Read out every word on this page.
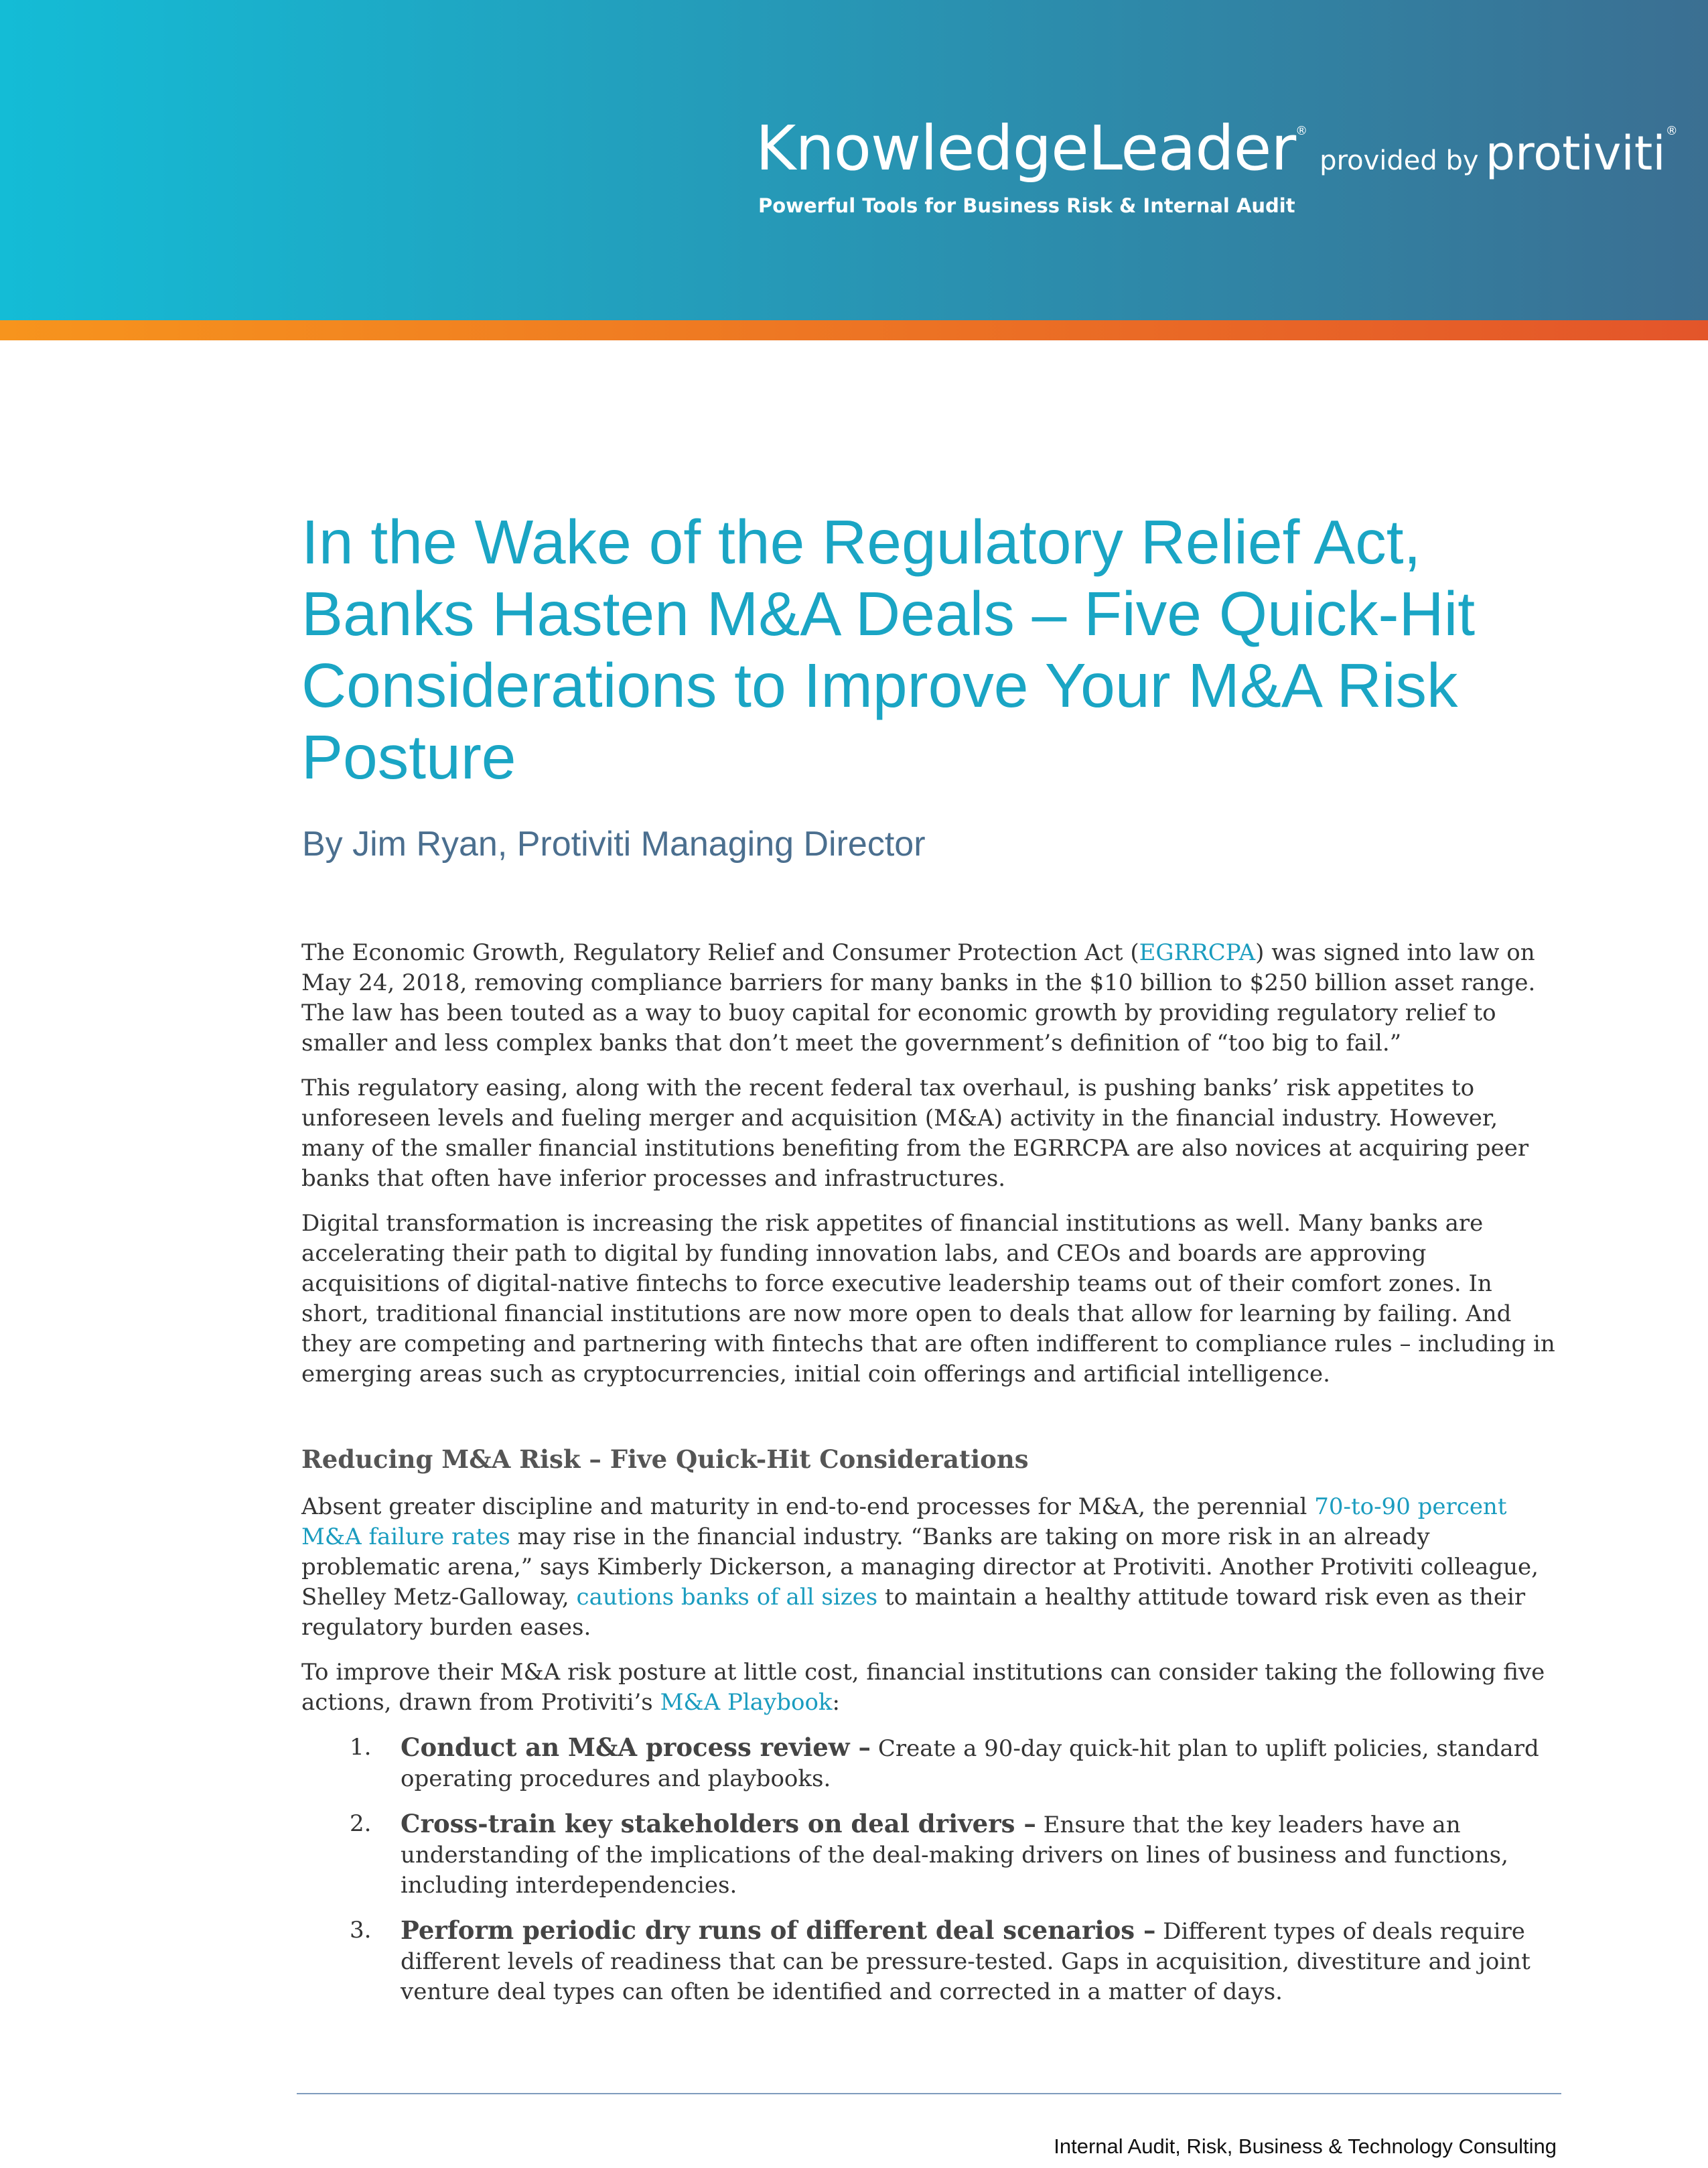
KnowledgeLeader®provided by protiviti®
Powerful Tools for Business Risk & Internal Audit
In the Wake of the Regulatory Relief Act, Banks Hasten M&A Deals – Five Quick-Hit Considerations to Improve Your M&A Risk Posture

By Jim Ryan, Protiviti Managing Director

The Economic Growth, Regulatory Relief and Consumer Protection Act (EGRRCPA) was signed into law on May 24, 2018, removing compliance barriers for many banks in the $10 billion to $250 billion asset range. The law has been touted as a way to buoy capital for economic growth by providing regulatory relief to smaller and less complex banks that don’t meet the government’s definition of “too big to fail.”

This regulatory easing, along with the recent federal tax overhaul, is pushing banks’ risk appetites to unforeseen levels and fueling merger and acquisition (M&A) activity in the financial industry. However, many of the smaller financial institutions benefiting from the EGRRCPA are also novices at acquiring peer banks that often have inferior processes and infrastructures.

Digital transformation is increasing the risk appetites of financial institutions as well. Many banks are accelerating their path to digital by funding innovation labs, and CEOs and boards are approving acquisitions of digital-native fintechs to force executive leadership teams out of their comfort zones. In short, traditional financial institutions are now more open to deals that allow for learning by failing. And they are competing and partnering with fintechs that are often indifferent to compliance rules – including in emerging areas such as cryptocurrencies, initial coin offerings and artificial intelligence.

Reducing M&A Risk – Five Quick-Hit Considerations

Absent greater discipline and maturity in end-to-end processes for M&A, the perennial 70-to-90 percent M&A failure rates may rise in the financial industry. “Banks are taking on more risk in an already problematic arena,” says Kimberly Dickerson, a managing director at Protiviti. Another Protiviti colleague, Shelley Metz-Galloway, cautions banks of all sizes to maintain a healthy attitude toward risk even as their regulatory burden eases.

To improve their M&A risk posture at little cost, financial institutions can consider taking the following five actions, drawn from Protiviti’s M&A Playbook:

1. Conduct an M&A process review – Create a 90-day quick-hit plan to uplift policies, standard operating procedures and playbooks.
2. Cross-train key stakeholders on deal drivers – Ensure that the key leaders have an understanding of the implications of the deal-making drivers on lines of business and functions, including interdependencies.
3. Perform periodic dry runs of different deal scenarios – Different types of deals require different levels of readiness that can be pressure-tested. Gaps in acquisition, divestiture and joint venture deal types can often be identified and corrected in a matter of days.

Internal Audit, Risk, Business & Technology Consulting
